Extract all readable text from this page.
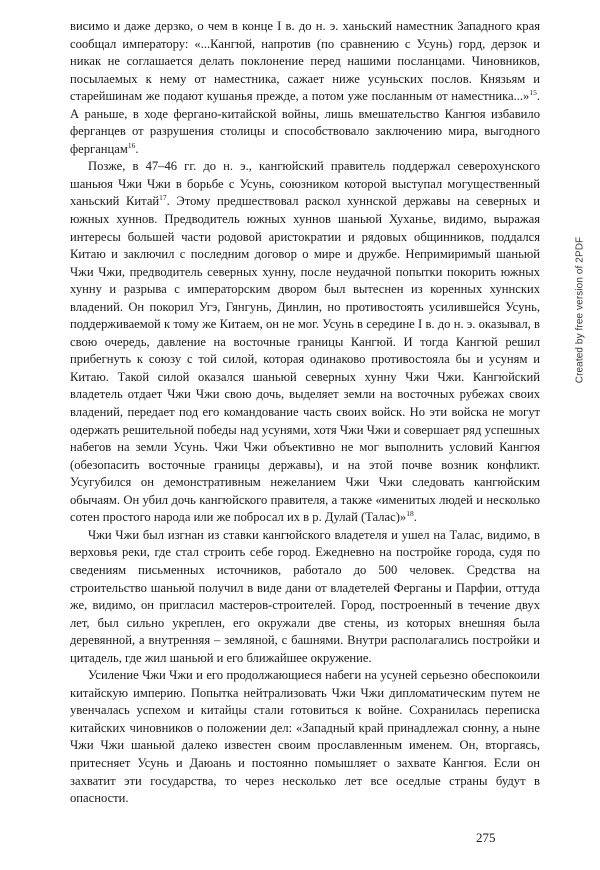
висимо и даже дерзко, о чем в конце I в. до н. э. ханьский наместник Западного края сообщал императору: «...Кангюй, напротив (по сравнению с Усунь) горд, дерзок и никак не соглашается делать поклонение перед нашими посланцами. Чиновников, посылаемых к нему от наместника, сажает ниже усуньских послов. Князьям и старейшинам же подают кушанья прежде, а потом уже посланным от наместника...»$^{15}$. А раньше, в ходе фергано-китайской войны, лишь вмешательство Кангюя избавило ферганцев от разрушения столицы и способствовало заключению мира, выгодного ферганцам$^{16}$.

Позже, в 47–46 гг. до н. э., кангюйский правитель поддержал северохунского шаньюя Чжи Чжи в борьбе с Усунь, союзником которой выступал могущественный ханьский Китай$^{17}$. Этому предшествовал раскол хуннской державы на северных и южных хуннов. Предводитель южных хуннов шаньюй Хуханье, видимо, выражая интересы большей части родовой аристократии и рядовых общинников, поддался Китаю и заключил с последним договор о мире и дружбе. Непримиримый шаньюй Чжи Чжи, предводитель северных хунну, после неудачной попытки покорить южных хунну и разрыва с императорским двором был вытеснен из коренных хуннских владений. Он покорил Угэ, Гянгунь, Динлин, но противостоять усилившейся Усунь, поддерживаемой к тому же Китаем, он не мог. Усунь в середине I в. до н. э. оказывал, в свою очередь, давление на восточные границы Кангюй. И тогда Кангюй решил прибегнуть к союзу с той силой, которая одинаково противостояла бы и усуням и Китаю. Такой силой оказался шаньюй северных хунну Чжи Чжи. Кангюйский владетель отдает Чжи Чжи свою дочь, выделяет земли на восточных рубежах своих владений, передает под его командование часть своих войск. Но эти войска не могут одержать решительной победы над усунями, хотя Чжи Чжи и совершает ряд успешных набегов на земли Усунь. Чжи Чжи объективно не мог выполнить условий Кангюя (обезопасить восточные границы державы), и на этой почве возник конфликт. Усугубился он демонстративным нежеланием Чжи Чжи следовать кангюйским обычаям. Он убил дочь кангюйского правителя, а также «именитых людей и несколько сотен простого народа или же побросал их в р. Дулай (Талас)»$^{18}$.

Чжи Чжи был изгнан из ставки кангюйского владетеля и ушел на Талас, видимо, в верховья реки, где стал строить себе город. Ежедневно на постройке города, судя по сведениям письменных источников, работало до 500 человек. Средства на строительство шаньюй получил в виде дани от владетелей Ферганы и Парфии, оттуда же, видимо, он пригласил мастеров-строителей. Город, построенный в течение двух лет, был сильно укреплен, его окружали две стены, из которых внешняя была деревянной, а внутренняя – земляной, с башнями. Внутри располагались постройки и цитадель, где жил шаньюй и его ближайшее окружение.

Усиление Чжи Чжи и его продолжающиеся набеги на усуней серьезно обеспокоили китайскую империю. Попытка нейтрализовать Чжи Чжи дипломатическим путем не увенчалась успехом и китайцы стали готовиться к войне. Сохранилась переписка китайских чиновников о положении дел: «Западный край принадлежал сюнну, а ныне Чжи Чжи шаньюй далеко известен своим прославленным именем. Он, вторгаясь, притесняет Усунь и Даюань и постоянно помышляет о захвате Кангюя. Если он захватит эти государства, то через несколько лет все оседлые страны будут в опасности.

Created by free version of 2PDF
275
